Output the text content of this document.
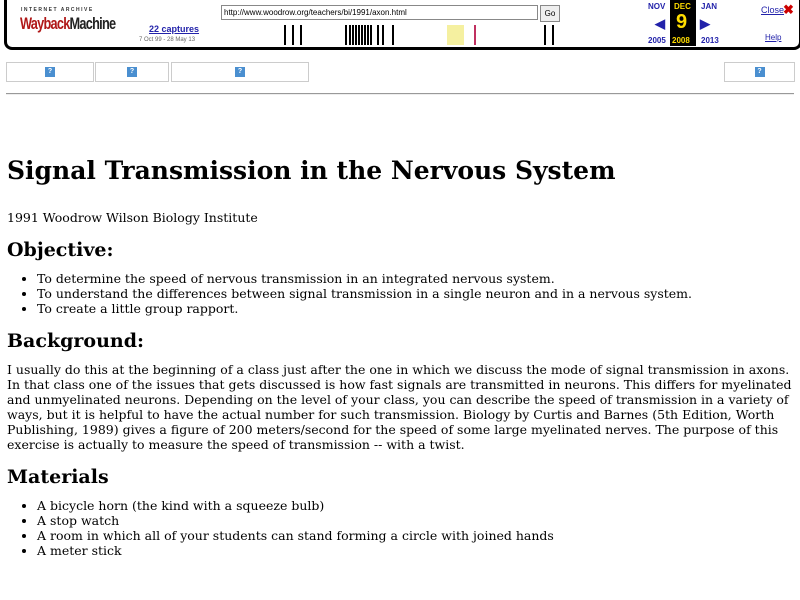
INTERNET ARCHIVE
WaybackMachine	22 captures
7 Oct 99 - 28 May 13
http://www.woodrow.org/teachers/bi/1991/axon.html	Go
NOV
◀
2005
DEC
9
2008
JAN
▶
2013
Close
✖
Help
?	?	?	?
Signal Transmission in the Nervous System

1991 Woodrow Wilson Biology Institute

Objective:
• To determine the speed of nervous transmission in an integrated nervous system.
• To understand the differences between signal transmission in a single neuron and in a nervous system.
• To create a little group rapport.
Background:

I usually do this at the beginning of a class just after the one in which we discuss the mode of signal transmission in axons. In that class one of the issues that gets discussed is how fast signals are transmitted in neurons. This differs for myelinated and unmyelinated neurons. Depending on the level of your class, you can describe the speed of transmission in a variety of ways, but it is helpful to have the actual number for such transmission. Biology by Curtis and Barnes (5th Edition, Worth Publishing, 1989) gives a figure of 200 meters/second for the speed of some large myelinated nerves. The purpose of this exercise is actually to measure the speed of transmission -- with a twist.

Materials
• A bicycle horn (the kind with a squeeze bulb)
• A stop watch
• A room in which all of your students can stand forming a circle with joined hands
• A meter stick
